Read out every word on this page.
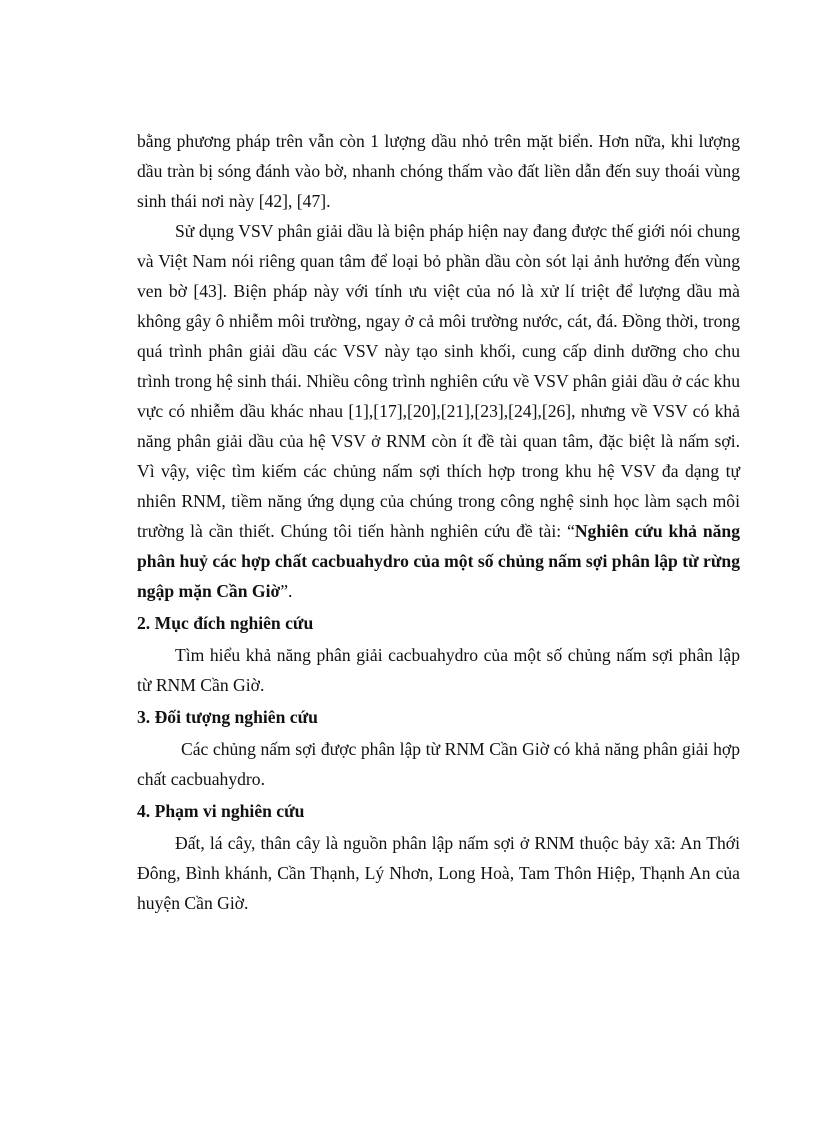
bằng phương pháp trên vẫn còn 1 lượng dầu nhỏ trên mặt biển. Hơn nữa, khi lượng dầu tràn bị sóng đánh vào bờ, nhanh chóng thấm vào đất liền dẫn đến suy thoái vùng sinh thái nơi này [42], [47].

Sử dụng VSV phân giải dầu là biện pháp hiện nay đang được thế giới nói chung và Việt Nam nói riêng quan tâm để loại bỏ phần dầu còn sót lại ảnh hưởng đến vùng ven bờ [43]. Biện pháp này với tính ưu việt của nó là xử lí triệt để lượng dầu mà không gây ô nhiễm môi trường, ngay ở cả môi trường nước, cát, đá. Đồng thời, trong quá trình phân giải dầu các VSV này tạo sinh khối, cung cấp dinh dưỡng cho chu trình trong hệ sinh thái. Nhiều công trình nghiên cứu về VSV phân giải dầu ở các khu vực có nhiễm dầu khác nhau [1],[17],[20],[21],[23],[24],[26], nhưng về VSV có khả năng phân giải dầu của hệ VSV ở RNM còn ít đề tài quan tâm, đặc biệt là nấm sợi. Vì vậy, việc tìm kiếm các chủng nấm sợi thích hợp trong khu hệ VSV đa dạng tự nhiên RNM, tiềm năng ứng dụng của chúng trong công nghệ sinh học làm sạch môi trường là cần thiết. Chúng tôi tiến hành nghiên cứu đề tài: “Nghiên cứu khả năng phân huỷ các hợp chất cacbuahydro của một số chủng nấm sợi phân lập từ rừng ngập mặn Cần Giờ”.

2. Mục đích nghiên cứu

Tìm hiểu khả năng phân giải cacbuahydro của một số chủng nấm sợi phân lập từ RNM Cần Giờ.

3. Đối tượng nghiên cứu

Các chủng nấm sợi được phân lập từ RNM Cần Giờ có khả năng phân giải hợp chất cacbuahydro.

4. Phạm vi nghiên cứu

Đất, lá cây, thân cây là nguồn phân lập nấm sợi ở RNM thuộc bảy xã: An Thới Đông, Bình khánh, Cần Thạnh, Lý Nhơn, Long Hoà, Tam Thôn Hiệp, Thạnh An của huyện Cần Giờ.
